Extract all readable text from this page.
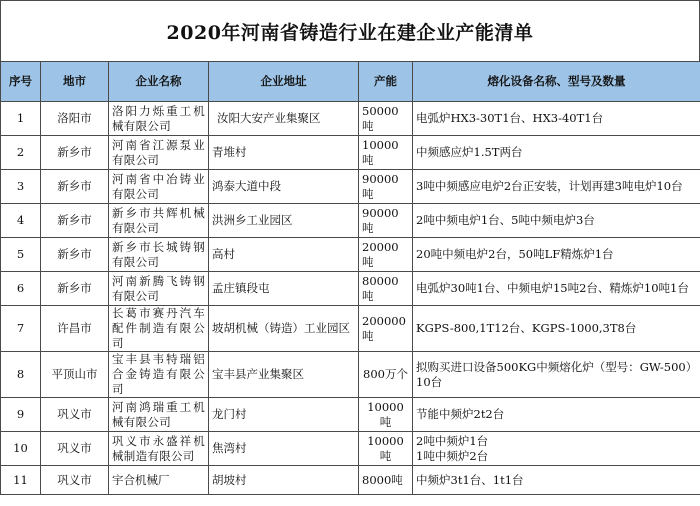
2020年河南省铸造行业在建企业产能清单
序号	地市	企业名称	企业地址	产能	熔化设备名称、型号及数量
1	洛阳市	洛阳力烁重工机械有限公司	汝阳大安产业集聚区	50000吨	电弧炉HX3-30T1台、HX3-40T1台
2	新乡市	河南省江源泵业有限公司	青堆村	10000吨	中频感应炉1.5T两台
3	新乡市	河南省中冶铸业有限公司	鸿泰大道中段	90000吨	3吨中频感应电炉2台正安装，计划再建3吨电炉10台
4	新乡市	新乡市共辉机械有限公司	洪洲乡工业园区	90000吨	2吨中频电炉1台、5吨中频电炉3台
5	新乡市	新乡市长城铸钢有限公司	高村	20000吨	20吨中频电炉2台，50吨LF精炼炉1台
6	新乡市	河南新腾飞铸钢有限公司	孟庄镇段屯	80000吨	电弧炉30吨1台、中频电炉15吨2台、精炼炉10吨1台
7	许昌市	长葛市赛丹汽车配件制造有限公司	坡胡机械（铸造）工业园区	200000吨	KGPS-800,1T12台、KGPS-1000,3T8台
8	平顶山市	宝丰县韦特瑞铝合金铸造有限公司	宝丰县产业集聚区	800万个	拟购买进口设备500KG中频熔化炉（型号：GW-500）10台
9	巩义市	河南鸿瑞重工机械有限公司	龙门村	10000吨	节能中频炉2t2台
10	巩义市	巩义市永盛祥机械制造有限公司	焦湾村	10000吨	2吨中频炉1台
1吨中频炉2台

11	巩义市	宇合机械厂	胡坡村	8000吨	中频炉3t1台、1t1台
